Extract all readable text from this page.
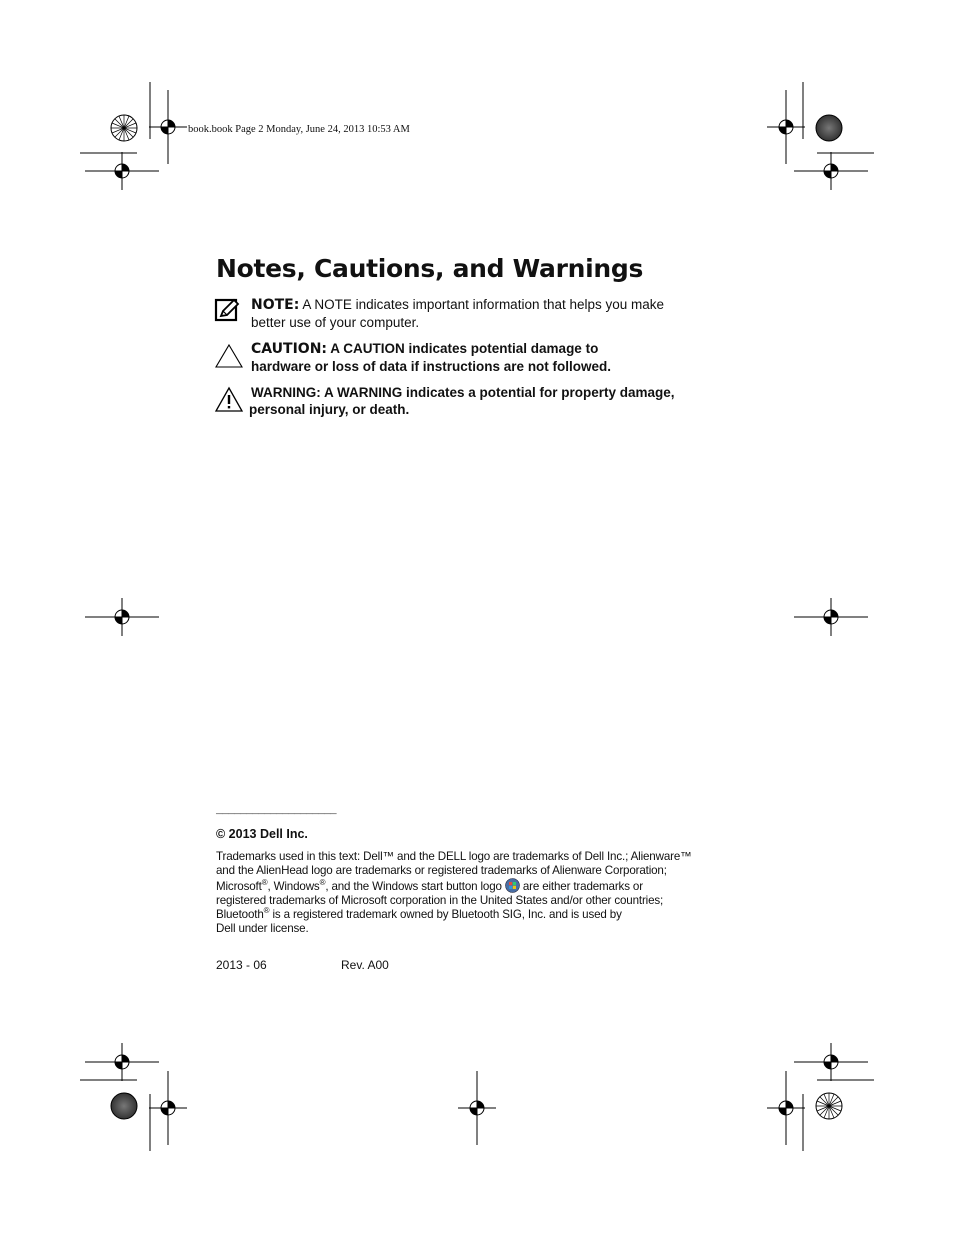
book.book Page 2 Monday, June 24, 2013 10:53 AM
Notes, Cautions, and Warnings
NOTE: A NOTE indicates important information that helps you make
better use of your computer.
CAUTION: A CAUTION indicates potential damage to
hardware or loss of data if instructions are not followed.
WARNING: A WARNING indicates a potential for property damage,
personal injury, or death.
____________________
© 2013 Dell Inc.
Trademarks used in this text: Dell™ and the DELL logo are trademarks of Dell Inc.; Alienware™
and the AlienHead logo are trademarks or registered trademarks of Alienware Corporation;
Microsoft®, Windows®, and the Windows start button logo are either trademarks or
registered trademarks of Microsoft corporation in the United States and/or other countries;
Bluetooth® is a registered trademark owned by Bluetooth SIG, Inc. and is used by
Dell under license.
2013 - 06	Rev. A00
